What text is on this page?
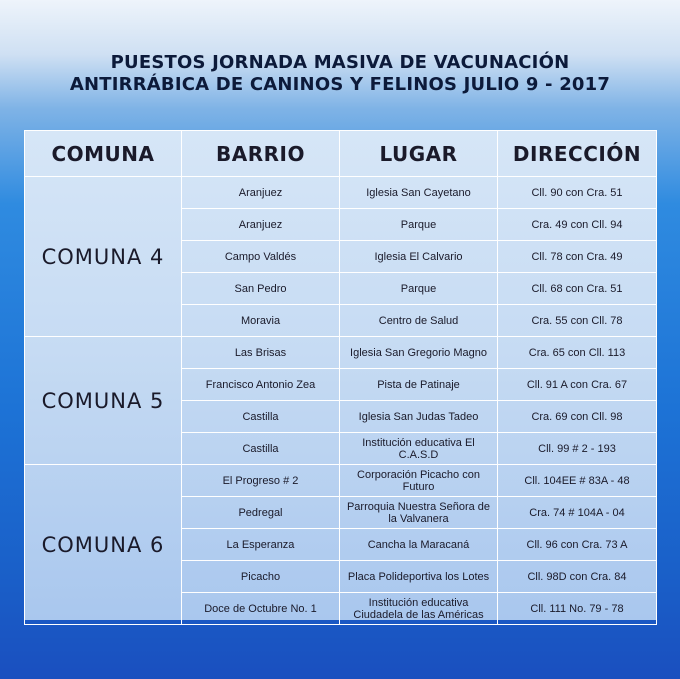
PUESTOS JORNADA MASIVA DE VACUNACIÓN
ANTIRRÁBICA DE CANINOS Y FELINOS JULIO 9 - 2017
COMUNA	BARRIO	LUGAR	DIRECCIÓN
COMUNA 4	Aranjuez	Iglesia San Cayetano	Cll. 90 con Cra. 51
	Aranjuez	Parque	Cra. 49 con Cll. 94
	Campo Valdés	Iglesia El Calvario	Cll. 78 con Cra. 49
	San Pedro	Parque	Cll. 68 con Cra. 51
	Moravia	Centro de Salud	Cra. 55 con Cll. 78
COMUNA 5	Las Brisas	Iglesia San Gregorio Magno	Cra. 65 con Cll. 113
	Francisco Antonio Zea	Pista de Patinaje	Cll. 91 A con Cra. 67
	Castilla	Iglesia San Judas Tadeo	Cra. 69 con Cll. 98
	Castilla	Institución educativa El C.A.S.D	Cll. 99 # 2 - 193
COMUNA 6	El Progreso # 2	Corporación Picacho con Futuro	Cll. 104EE # 83A - 48
	Pedregal	Parroquia Nuestra Señora de la Valvanera	Cra. 74 # 104A - 04
	La Esperanza	Cancha la Maracaná	Cll. 96 con Cra. 73 A
	Picacho	Placa Polideportiva los Lotes	Cll. 98D con Cra. 84
	Doce de Octubre No. 1	Institución educativa Ciudadela de las Américas	Cll. 111 No. 79 - 78
